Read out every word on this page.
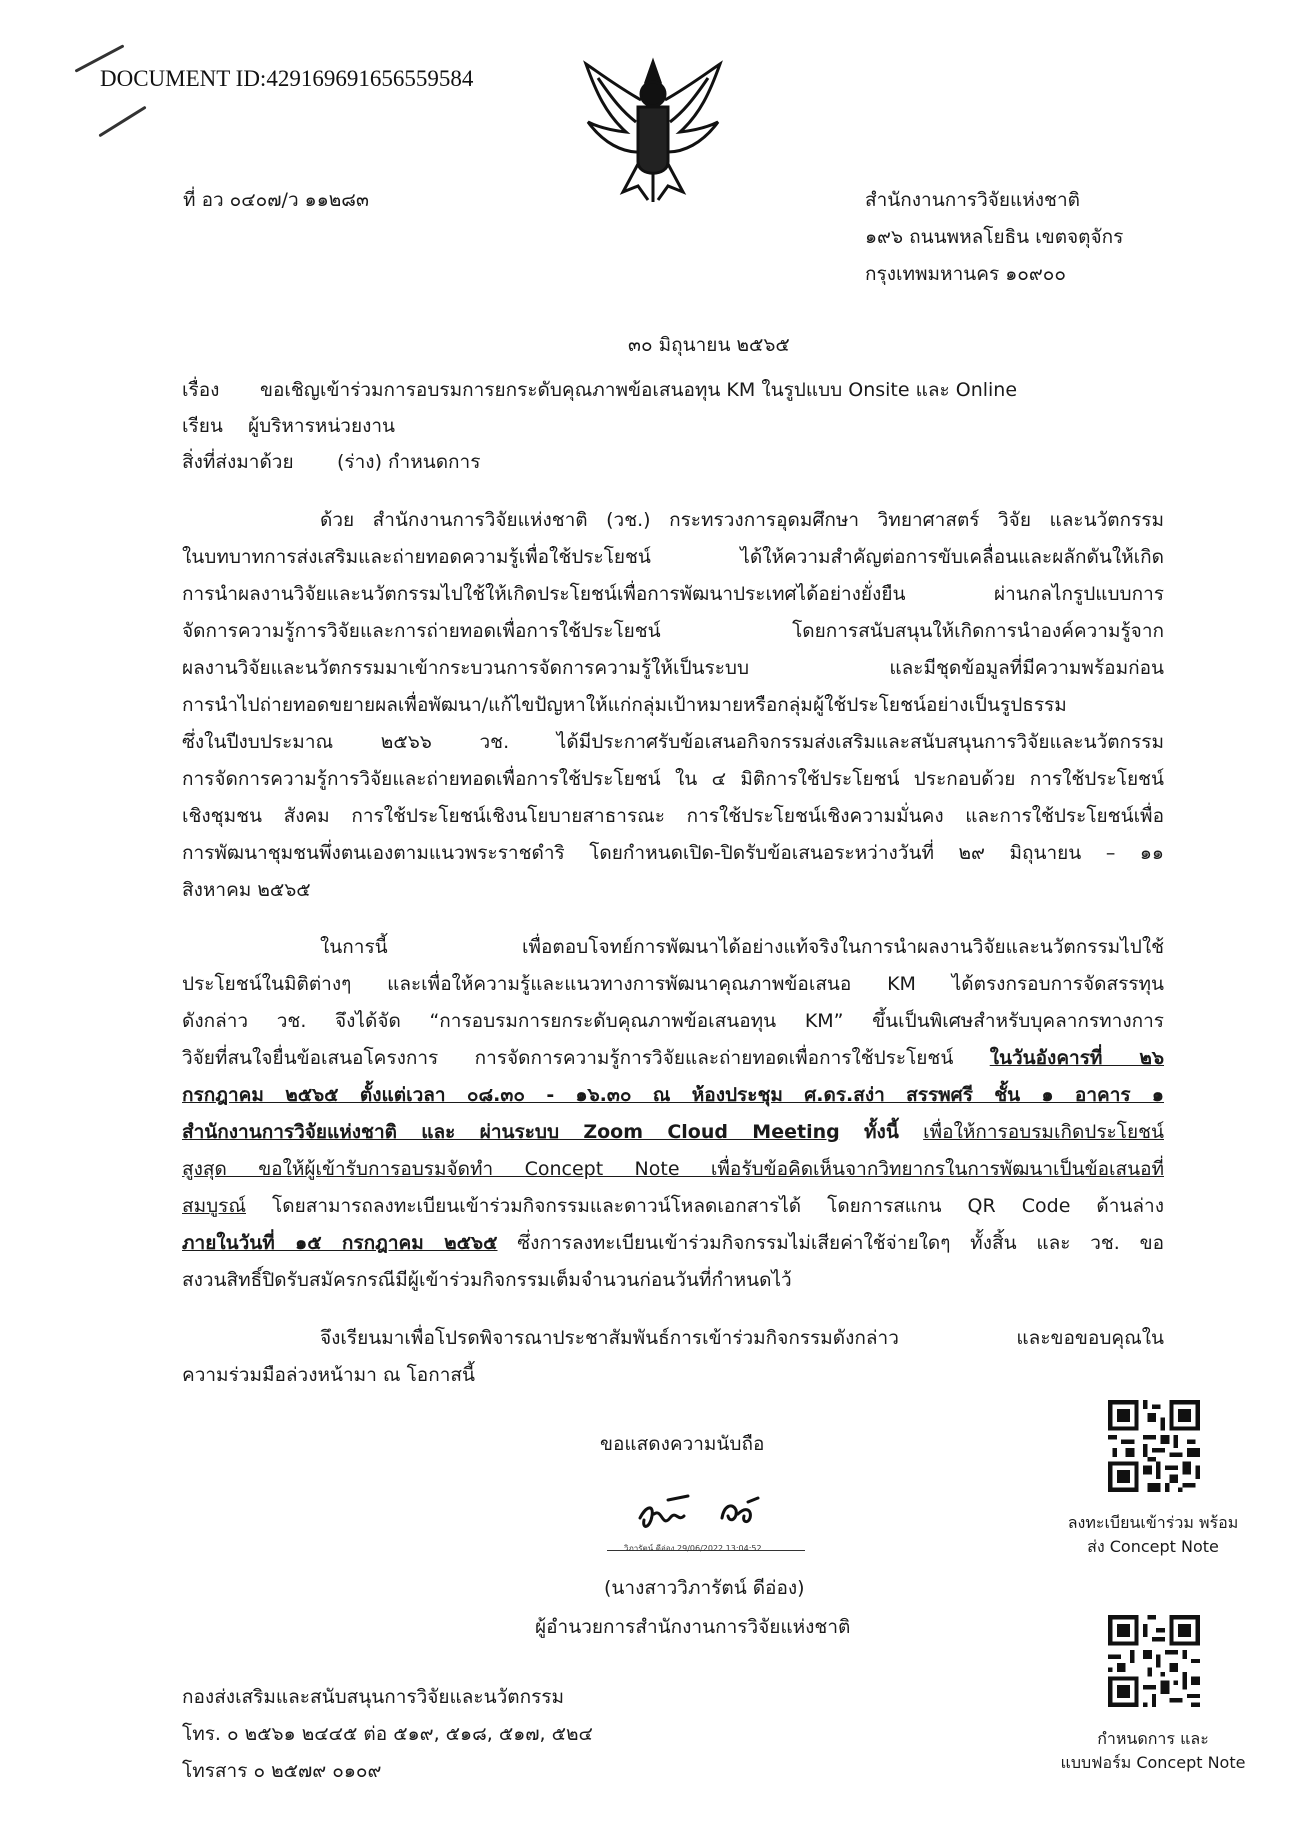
DOCUMENT ID:429169691656559584
ที่ อว ๐๔๐๗/ว ๑๑๒๘๓	สำนักงานการวิจัยแห่งชาติ
๑๙๖ ถนนพหลโยธิน เขตจตุจักร
กรุงเทพมหานคร ๑๐๙๐๐
๓๐ มิถุนายน ๒๕๖๕
เรื่อง ขอเชิญเข้าร่วมการอบรมการยกระดับคุณภาพข้อเสนอทุน KM ในรูปแบบ Onsite และ Online
เรียน ผู้บริหารหน่วยงาน
สิ่งที่ส่งมาด้วย (ร่าง) กำหนดการ
ด้วย สำนักงานการวิจัยแห่งชาติ (วช.) กระทรวงการอุดมศึกษา วิทยาศาสตร์ วิจัย และนวัตกรรม
ในบทบาทการส่งเสริมและถ่ายทอดความรู้เพื่อใช้ประโยชน์ ได้ให้ความสำคัญต่อการขับเคลื่อนและผลักดันให้เกิด
การนำผลงานวิจัยและนวัตกรรมไปใช้ให้เกิดประโยชน์เพื่อการพัฒนาประเทศได้อย่างยั่งยืน ผ่านกลไกรูปแบบการ
จัดการความรู้การวิจัยและการถ่ายทอดเพื่อการใช้ประโยชน์ โดยการสนับสนุนให้เกิดการนำองค์ความรู้จาก
ผลงานวิจัยและนวัตกรรมมาเข้ากระบวนการจัดการความรู้ให้เป็นระบบ และมีชุดข้อมูลที่มีความพร้อมก่อน
การนำไปถ่ายทอดขยายผลเพื่อพัฒนา/แก้ไขปัญหาให้แก่กลุ่มเป้าหมายหรือกลุ่มผู้ใช้ประโยชน์อย่างเป็นรูปธรรม
ซึ่งในปีงบประมาณ ๒๕๖๖ วช. ได้มีประกาศรับข้อเสนอกิจกรรมส่งเสริมและสนับสนุนการวิจัยและนวัตกรรม
การจัดการความรู้การวิจัยและถ่ายทอดเพื่อการใช้ประโยชน์ ใน ๔ มิติการใช้ประโยชน์ ประกอบด้วย การใช้ประโยชน์
เชิงชุมชน สังคม การใช้ประโยชน์เชิงนโยบายสาธารณะ การใช้ประโยชน์เชิงความมั่นคง และการใช้ประโยชน์เพื่อ
การพัฒนาชุมชนพึ่งตนเองตามแนวพระราชดำริ โดยกำหนดเปิด-ปิดรับข้อเสนอระหว่างวันที่ ๒๙ มิถุนายน – ๑๑
สิงหาคม ๒๕๖๕
ในการนี้ เพื่อตอบโจทย์การพัฒนาได้อย่างแท้จริงในการนำผลงานวิจัยและนวัตกรรมไปใช้
ประโยชน์ในมิติต่างๆ และเพื่อให้ความรู้และแนวทางการพัฒนาคุณภาพข้อเสนอ KM ได้ตรงกรอบการจัดสรรทุน
ดังกล่าว วช. จึงได้จัด “การอบรมการยกระดับคุณภาพข้อเสนอทุน KM” ขึ้นเป็นพิเศษสำหรับบุคลากรทางการ
วิจัยที่สนใจยื่นข้อเสนอโครงการ การจัดการความรู้การวิจัยและถ่ายทอดเพื่อการใช้ประโยชน์ ในวันอังคารที่ ๒๖
กรกฎาคม ๒๕๖๕ ตั้งแต่เวลา ๐๘.๓๐ - ๑๖.๓๐ ณ ห้องประชุม ศ.ดร.สง่า สรรพศรี ชั้น ๑ อาคาร ๑
สำนักงานการวิจัยแห่งชาติ และ ผ่านระบบ Zoom Cloud Meeting ทั้งนี้ เพื่อให้การอบรมเกิดประโยชน์
สูงสุด ขอให้ผู้เข้ารับการอบรมจัดทำ Concept Note เพื่อรับข้อคิดเห็นจากวิทยากรในการพัฒนาเป็นข้อเสนอที่
สมบูรณ์ โดยสามารถลงทะเบียนเข้าร่วมกิจกรรมและดาวน์โหลดเอกสารได้ โดยการสแกน QR Code ด้านล่าง
ภายในวันที่ ๑๕ กรกฎาคม ๒๕๖๕ ซึ่งการลงทะเบียนเข้าร่วมกิจกรรมไม่เสียค่าใช้จ่ายใดๆ ทั้งสิ้น และ วช. ขอ
สงวนสิทธิ์ปิดรับสมัครกรณีมีผู้เข้าร่วมกิจกรรมเต็มจำนวนก่อนวันที่กำหนดไว้
จึงเรียนมาเพื่อโปรดพิจารณาประชาสัมพันธ์การเข้าร่วมกิจกรรมดังกล่าว และขอขอบคุณใน
ความร่วมมือล่วงหน้ามา ณ โอกาสนี้
ขอแสดงความนับถือ
วิภารัตน์ ดีอ่อง 29/06/2022 13:04:52
(นางสาววิภารัตน์ ดีอ่อง)
ผู้อำนวยการสำนักงานการวิจัยแห่งชาติ
กองส่งเสริมและสนับสนุนการวิจัยและนวัตกรรม
โทร. ๐ ๒๕๖๑ ๒๔๔๕ ต่อ ๕๑๙, ๕๑๘, ๕๑๗, ๕๒๔
โทรสาร ๐ ๒๕๗๙ ๐๑๐๙
ลงทะเบียนเข้าร่วม พร้อม
ส่ง Concept Note
กำหนดการ และ
แบบฟอร์ม Concept Note
